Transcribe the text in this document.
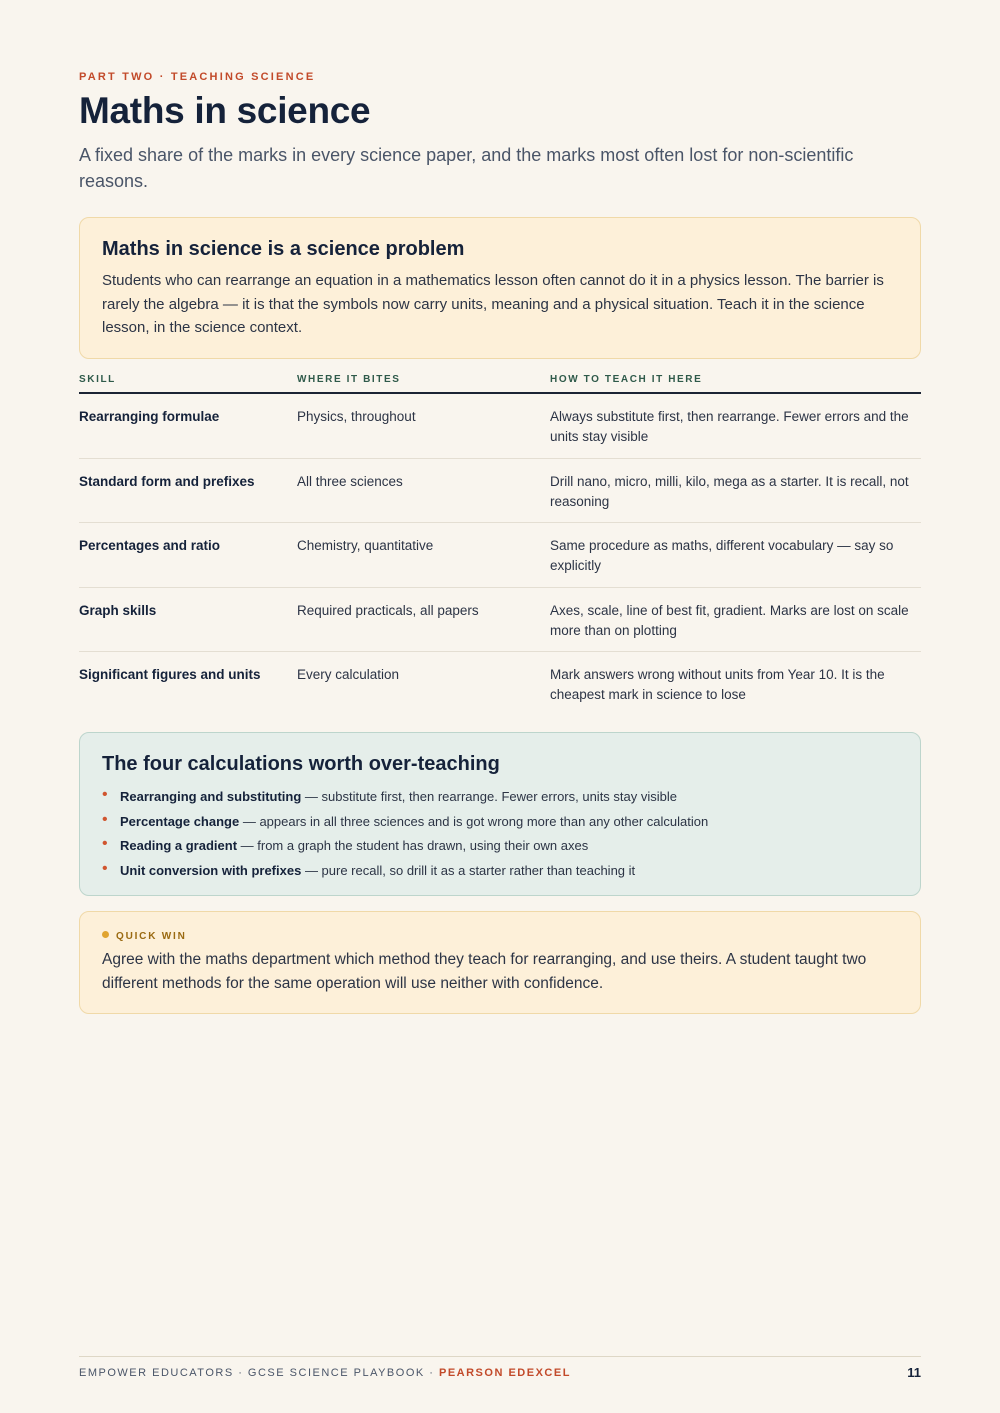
PART TWO · TEACHING SCIENCE
Maths in science

A fixed share of the marks in every science paper, and the marks most often lost for non-scientific reasons.

Maths in science is a science problem

Students who can rearrange an equation in a mathematics lesson often cannot do it in a physics lesson. The barrier is rarely the algebra — it is that the symbols now carry units, meaning and a physical situation. Teach it in the science lesson, in the science context.

SKILL	WHERE IT BITES	HOW TO TEACH IT HERE
Rearranging formulae	Physics, throughout	Always substitute first, then rearrange. Fewer errors and the units stay visible
Standard form and prefixes	All three sciences	Drill nano, micro, milli, kilo, mega as a starter. It is recall, not reasoning
Percentages and ratio	Chemistry, quantitative	Same procedure as maths, different vocabulary — say so explicitly
Graph skills	Required practicals, all papers	Axes, scale, line of best fit, gradient. Marks are lost on scale more than on plotting
Significant figures and units	Every calculation	Mark answers wrong without units from Year 10. It is the cheapest mark in science to lose
The four calculations worth over-teaching
• Rearranging and substituting — substitute first, then rearrange. Fewer errors, units stay visible
• Percentage change — appears in all three sciences and is got wrong more than any other calculation
• Reading a gradient — from a graph the student has drawn, using their own axes
• Unit conversion with prefixes — pure recall, so drill it as a starter rather than teaching it
QUICK WIN

Agree with the maths department which method they teach for rearranging, and use theirs. A student taught two different methods for the same operation will use neither with confidence.

EMPOWER EDUCATORS · GCSE SCIENCE PLAYBOOK · PEARSON EDEXCEL	11
